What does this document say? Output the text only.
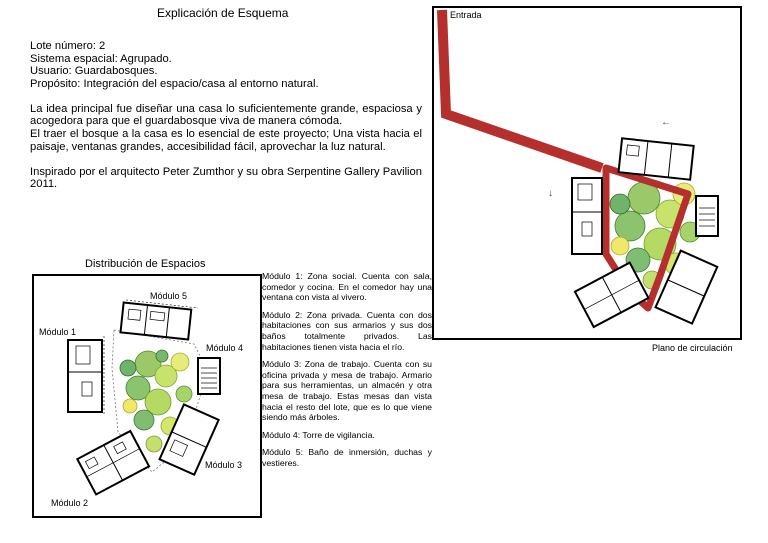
Explicación de Esquema

Lote número: 2
Sistema espacial: Agrupado.
Usuario: Guardabosques.
Propósito: Integración del espacio/casa al entorno natural.

La idea principal fue diseñar una casa lo suficientemente grande, espaciosa y acogedora para que el guardabosque viva de manera cómoda.

El traer el bosque a la casa es lo esencial de este proyecto; Una vista hacia el paisaje, ventanas grandes, accesibilidad fácil, aprovechar la luz natural.

Inspirado por el arquitecto Peter Zumthor y su obra Serpentine Gallery Pavilion 2011.

Distribución de Espacios
Módulo 5
Módulo 1
Módulo 4
Módulo 3
Módulo 2

Módulo 1: Zona social. Cuenta con sala, comedor y cocina. En el comedor hay una ventana con vista al vivero.

Módulo 2: Zona privada. Cuenta con dos habitaciones con sus armarios y sus dos baños totalmente privados. Las habitaciones tienen vista hacia el río.

Módulo 3: Zona de trabajo. Cuenta con su oficina privada y mesa de trabajo. Armario para sus herramientas, un almacén y otra mesa de trabajo. Estas mesas dan vista hacia el resto del lote, que es lo que viene siendo más árboles.

Módulo 4: Torre de vigilancia.

Módulo 5: Baño de inmersión, duchas y vestieres.

Entrada
←
↓
Plano de circulación
